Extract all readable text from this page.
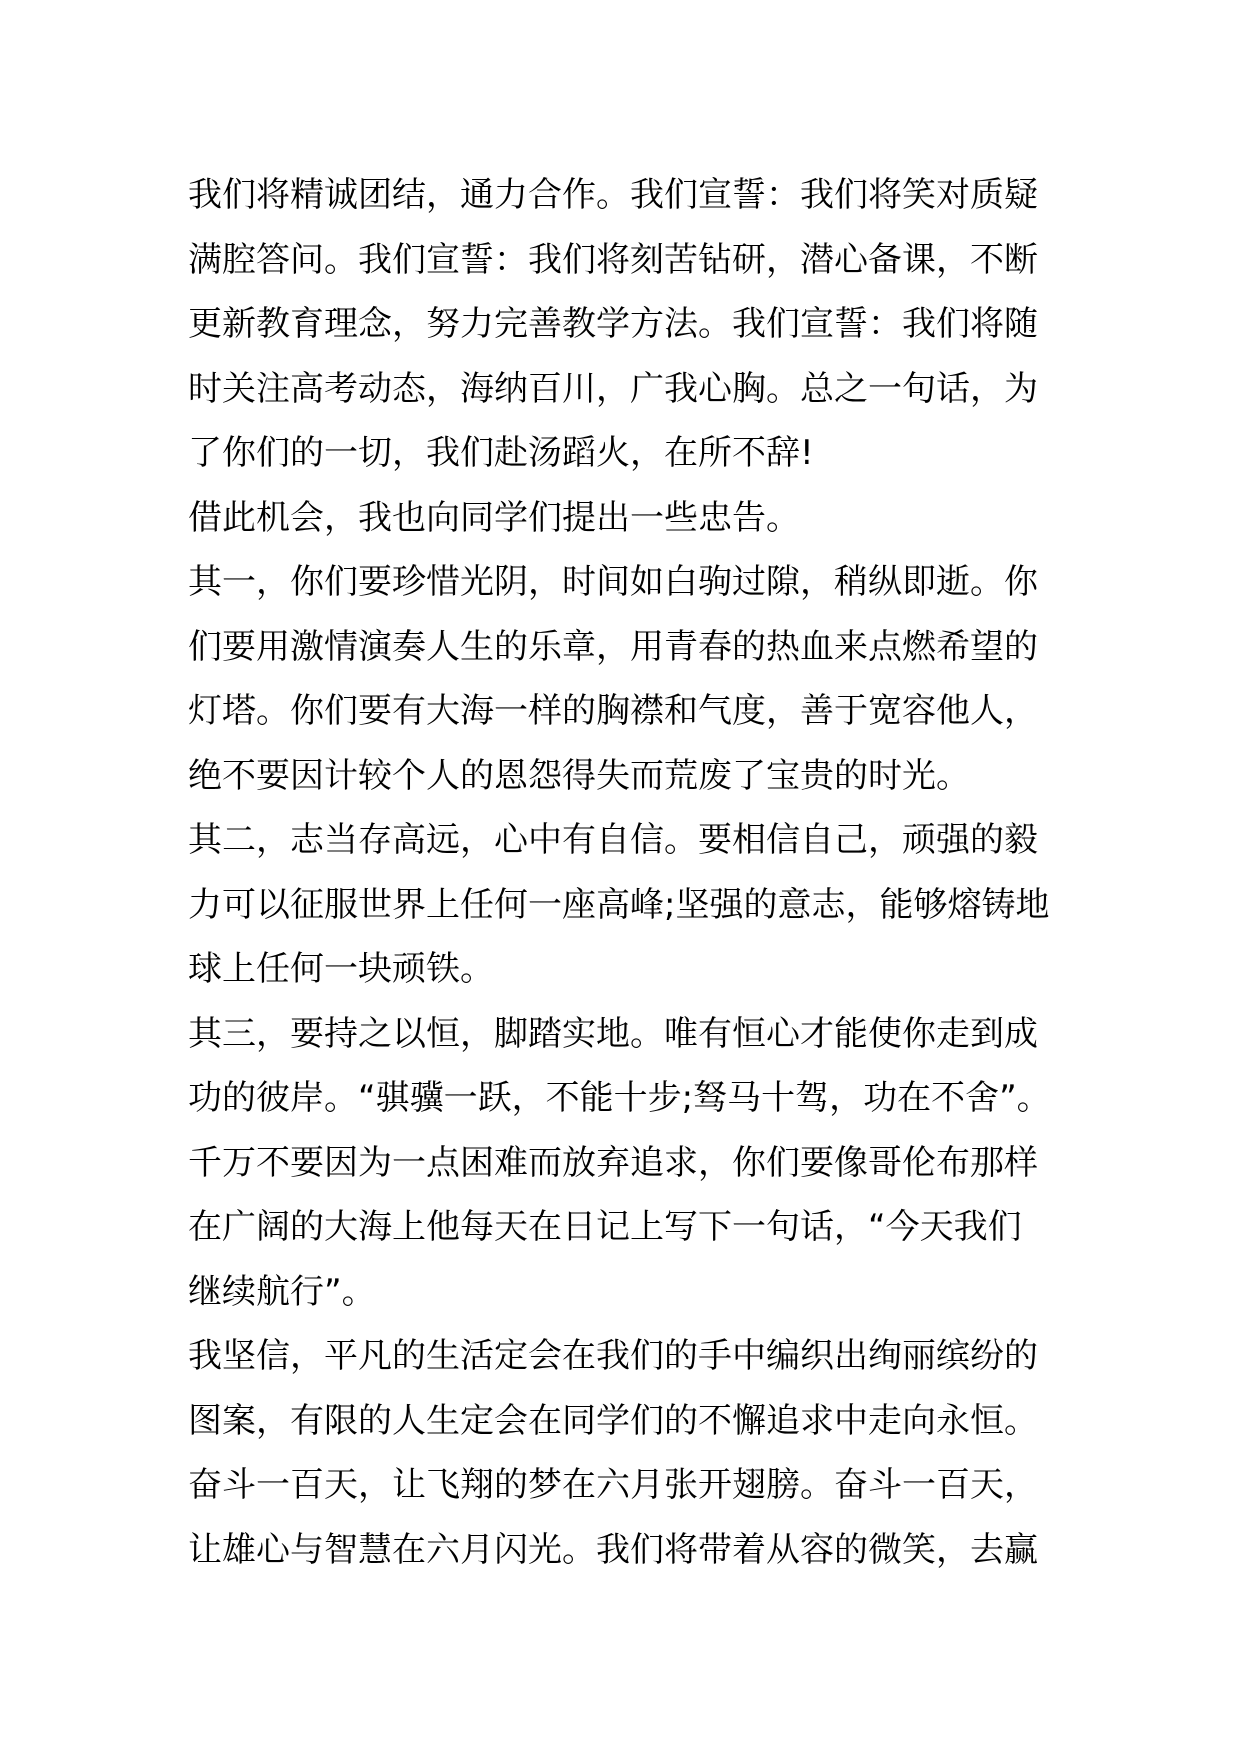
我们将精诚团结，通力合作。我们宣誓：我们将笑对质疑
满腔答问。我们宣誓：我们将刻苦钻研，潜心备课，不断
更新教育理念，努力完善教学方法。我们宣誓：我们将随
时关注高考动态，海纳百川，广我心胸。总之一句话，为
了你们的一切，我们赴汤蹈火，在所不辞!
借此机会，我也向同学们提出一些忠告。
其一，你们要珍惜光阴，时间如白驹过隙，稍纵即逝。你
们要用激情演奏人生的乐章，用青春的热血来点燃希望的
灯塔。你们要有大海一样的胸襟和气度，善于宽容他人，
绝不要因计较个人的恩怨得失而荒废了宝贵的时光。
其二，志当存高远，心中有自信。要相信自己，顽强的毅
力可以征服世界上任何一座高峰;坚强的意志，能够熔铸地
球上任何一块顽铁。
其三，要持之以恒，脚踏实地。唯有恒心才能使你走到成
功的彼岸。“骐骥一跃，不能十步;驽马十驾，功在不舍”。
千万不要因为一点困难而放弃追求，你们要像哥伦布那样
在广阔的大海上他每天在日记上写下一句话，“今天我们
继续航行”。
我坚信，平凡的生活定会在我们的手中编织出绚丽缤纷的
图案，有限的人生定会在同学们的不懈追求中走向永恒。
奋斗一百天，让飞翔的梦在六月张开翅膀。奋斗一百天，
让雄心与智慧在六月闪光。我们将带着从容的微笑，去赢
